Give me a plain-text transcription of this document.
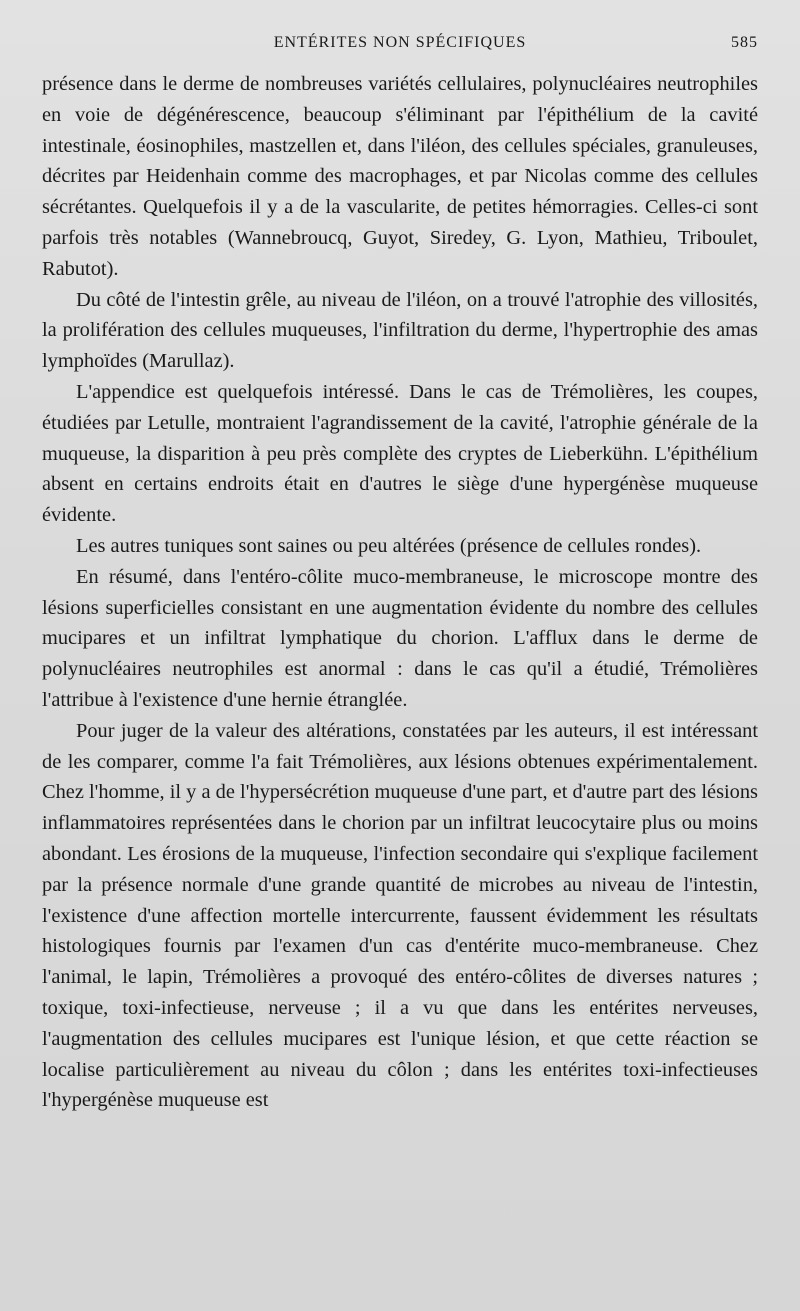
ENTÉRITES NON SPÉCIFIQUES	585

présence dans le derme de nombreuses variétés cellulaires, polynucléaires neutrophiles en voie de dégénérescence, beaucoup s'éliminant par l'épithélium de la cavité intestinale, éosinophiles, mastzellen et, dans l'iléon, des cellules spéciales, granuleuses, décrites par Heidenhain comme des macrophages, et par Nicolas comme des cellules sécrétantes. Quelquefois il y a de la vascularite, de petites hémorragies. Celles-ci sont parfois très notables (Wannebroucq, Guyot, Siredey, G. Lyon, Mathieu, Triboulet, Rabutot).

Du côté de l'intestin grêle, au niveau de l'iléon, on a trouvé l'atrophie des villosités, la prolifération des cellules muqueuses, l'infiltration du derme, l'hypertrophie des amas lymphoïdes (Marullaz).

L'appendice est quelquefois intéressé. Dans le cas de Trémolières, les coupes, étudiées par Letulle, montraient l'agrandissement de la cavité, l'atrophie générale de la muqueuse, la disparition à peu près complète des cryptes de Lieberkühn. L'épithélium absent en certains endroits était en d'autres le siège d'une hypergénèse muqueuse évidente.

Les autres tuniques sont saines ou peu altérées (présence de cellules rondes).

En résumé, dans l'entéro-côlite muco-membraneuse, le microscope montre des lésions superficielles consistant en une augmentation évidente du nombre des cellules mucipares et un infiltrat lymphatique du chorion. L'afflux dans le derme de polynucléaires neutrophiles est anormal : dans le cas qu'il a étudié, Trémolières l'attribue à l'existence d'une hernie étranglée.

Pour juger de la valeur des altérations, constatées par les auteurs, il est intéressant de les comparer, comme l'a fait Trémolières, aux lésions obtenues expérimentalement. Chez l'homme, il y a de l'hypersécrétion muqueuse d'une part, et d'autre part des lésions inflammatoires représentées dans le chorion par un infiltrat leucocytaire plus ou moins abondant. Les érosions de la muqueuse, l'infection secondaire qui s'explique facilement par la présence normale d'une grande quantité de microbes au niveau de l'intestin, l'existence d'une affection mortelle intercurrente, faussent évidemment les résultats histologiques fournis par l'examen d'un cas d'entérite muco-membraneuse. Chez l'animal, le lapin, Trémolières a provoqué des entéro-côlites de diverses natures ; toxique, toxi-infectieuse, nerveuse ; il a vu que dans les entérites nerveuses, l'augmentation des cellules mucipares est l'unique lésion, et que cette réaction se localise particulièrement au niveau du côlon ; dans les entérites toxi-infectieuses l'hypergénèse muqueuse est
